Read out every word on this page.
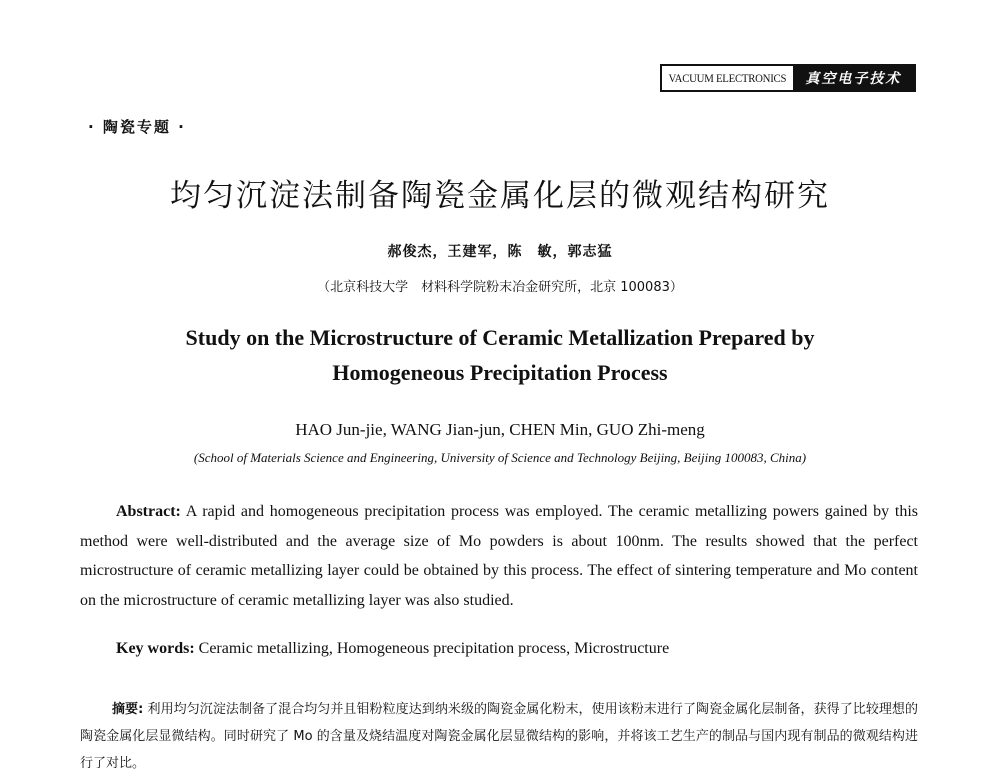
VACUUM ELECTRONICS	真空电子技术
· 陶瓷专题 ·
均匀沉淀法制备陶瓷金属化层的微观结构研究
郝俊杰，王建军，陈　敏，郭志猛
（北京科技大学　材料科学院粉末冶金研究所，北京 100083）
Study on the Microstructure of Ceramic Metallization Prepared by
Homogeneous Precipitation Process
HAO Jun-jie, WANG Jian-jun, CHEN Min, GUO Zhi-meng
(School of Materials Science and Engineering, University of Science and Technology Beijing, Beijing 100083, China)
Abstract: A rapid and homogeneous precipitation process was employed. The ceramic metallizing powers gained by this method were well-distributed and the average size of Mo powders is about 100nm. The results showed that the perfect microstructure of ceramic metallizing layer could be obtained by this process. The effect of sintering temperature and Mo content on the microstructure of ceramic metallizing layer was also studied.
Key words: Ceramic metallizing, Homogeneous precipitation process, Microstructure
摘要: 利用均匀沉淀法制备了混合均匀并且钼粉粒度达到纳米级的陶瓷金属化粉末，使用该粉末进行了陶瓷金属化层制备，获得了比较理想的陶瓷金属化层显微结构。同时研究了 Mo 的含量及烧结温度对陶瓷金属化层显微结构的影响，并将该工艺生产的制品与国内现有制品的微观结构进行了对比。
